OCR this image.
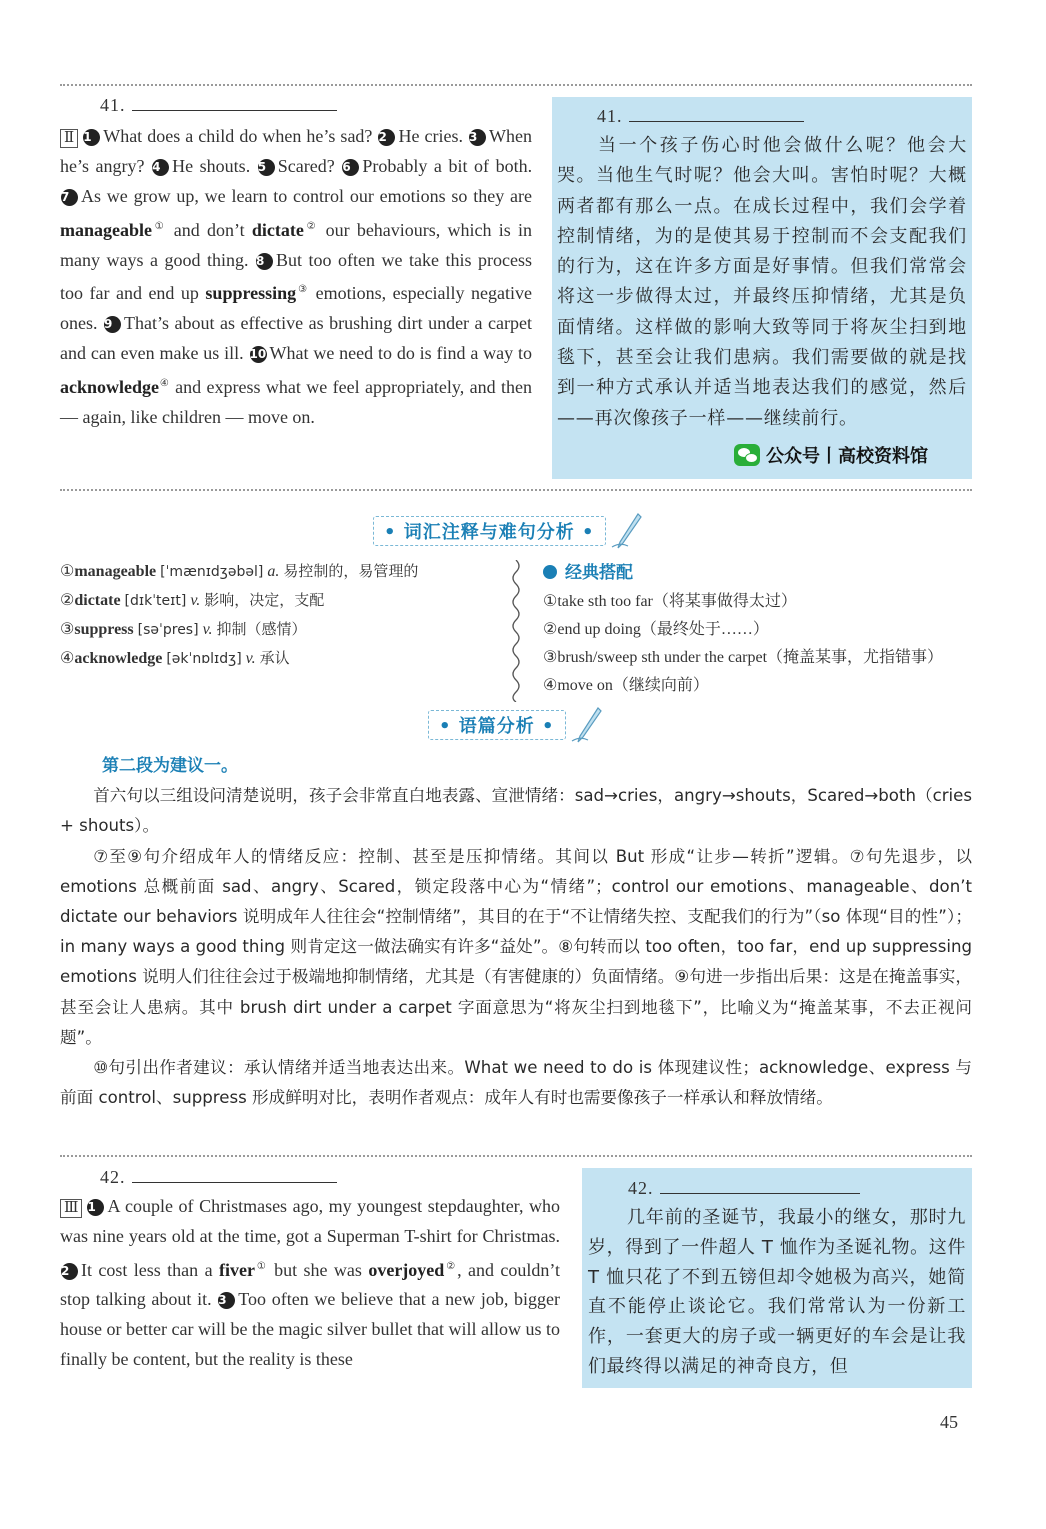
41.

Ⅱ 1 What does a child do when he’s sad? 2 He cries. 3 When he’s angry? 4 He shouts. 5 Scared? 6 Probably a bit of both. 7 As we grow up, we learn to control our emotions so they are manageable① and don’t dictate② our behaviours, which is in many ways a good thing. 8 But too often we take this process too far and end up suppressing③ emotions, especially negative ones. 9 That’s about as effective as brushing dirt under a carpet and can even make us ill. 10 What we need to do is find a way to acknowledge④ and express what we feel appropriately, and then — again, like children — move on.

41.

当一个孩子伤心时他会做什么呢？他会大哭。当他生气时呢？他会大叫。害怕时呢？大概两者都有那么一点。在成长过程中，我们会学着控制情绪，为的是使其易于控制而不会支配我们的行为，这在许多方面是好事情。但我们常常会将这一步做得太过，并最终压抑情绪，尤其是负面情绪。这样做的影响大致等同于将灰尘扫到地毯下，甚至会让我们患病。我们需要做的就是找到一种方式承认并适当地表达我们的感觉，然后——再次像孩子一样——继续前行。

公众号丨高校资料馆
• 词汇注释与难句分析 •
①manageable [ˈmænɪdʒəbəl] a. 易控制的，易管理的
②dictate [dɪkˈteɪt] v. 影响，决定，支配
③suppress [səˈpres] v. 抑制（感情）
④acknowledge [əkˈnɒlɪdʒ] v. 承认
经典搭配
①take sth too far（将某事做得太过）
②end up doing（最终处于……）
③brush/sweep sth under the carpet（掩盖某事，尤指错事）
④move on（继续向前）
• 语篇分析 •

第二段为建议一。

首六句以三组设问清楚说明，孩子会非常直白地表露、宣泄情绪：sad→cries，angry→shouts，Scared→both（cries + shouts）。

⑦至⑨句介绍成年人的情绪反应：控制、甚至是压抑情绪。其间以 But 形成“让步—转折”逻辑。⑦句先退步，以 emotions 总概前面 sad、angry、Scared，锁定段落中心为“情绪”；control our emotions、manageable、don’t dictate our behaviors 说明成年人往往会“控制情绪”，其目的在于“不让情绪失控、支配我们的行为”（so 体现“目的性”）；in many ways a good thing 则肯定这一做法确实有许多“益处”。⑧句转而以 too often，too far，end up suppressing emotions 说明人们往往会过于极端地抑制情绪，尤其是（有害健康的）负面情绪。⑨句进一步指出后果：这是在掩盖事实，甚至会让人患病。其中 brush dirt under a carpet 字面意思为“将灰尘扫到地毯下”，比喻义为“掩盖某事，不去正视问题”。

⑩句引出作者建议：承认情绪并适当地表达出来。What we need to do is 体现建议性；acknowledge、express 与前面 control、suppress 形成鲜明对比，表明作者观点：成年人有时也需要像孩子一样承认和释放情绪。

42.

Ⅲ 1 A couple of Christmases ago, my youngest stepdaughter, who was nine years old at the time, got a Superman T-shirt for Christmas. 2 It cost less than a fiver① but she was overjoyed②, and couldn’t stop talking about it. 3 Too often we believe that a new job, bigger house or better car will be the magic silver bullet that will allow us to finally be content, but the reality is these

42.

几年前的圣诞节，我最小的继女，那时九岁，得到了一件超人 T 恤作为圣诞礼物。这件 T 恤只花了不到五镑但却令她极为高兴，她简直不能停止谈论它。我们常常认为一份新工作，一套更大的房子或一辆更好的车会是让我们最终得以满足的神奇良方，但

45
